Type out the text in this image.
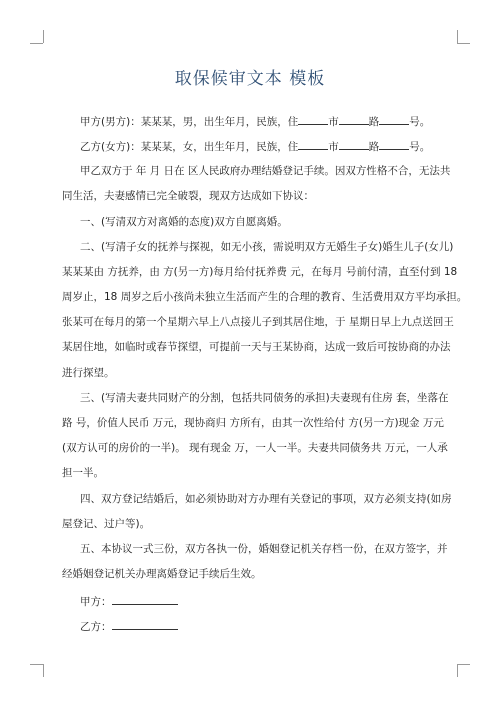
取保候审文本 模板
甲方(男方)：某某某，男，出生年月，民族，住	市	路	号。
乙方(女方)：某某某，女，出生年月，民族，住	市	路	号。
甲乙双方于 年 月 日在 区人民政府办理结婚登记手续。因双方性格不合，无法共
同生活，夫妻感情已完全破裂，现双方达成如下协议：
一、(写清双方对离婚的态度)双方自愿离婚。
二、(写清子女的抚养与探视，如无小孩，需说明双方无婚生子女)婚生儿子(女儿)
某某某由 方抚养，由 方(另一方)每月给付抚养费 元，在每月 号前付清，直至付到 18
周岁止，18 周岁之后小孩尚未独立生活而产生的合理的教育、生活费用双方平均承担。
张某可在每月的第一个星期六早上八点接儿子到其居住地，于 星期日早上九点送回王
某居住地，如临时或春节探望，可提前一天与王某协商，达成一致后可按协商的办法
进行探望。
三、(写清夫妻共同财产的分割，包括共同债务的承担)夫妻现有住房 套，坐落在
路 号，价值人民币 万元，现协商归 方所有，由其一次性给付 方(另一方)现金 万元
(双方认可的房价的一半)。 现有现金 万，一人一半。夫妻共同债务共 万元，一人承
担一半。
四、双方登记结婚后，如必须协助对方办理有关登记的事项，双方必须支持(如房
屋登记、过户等)。
五、本协议一式三份，双方各执一份，婚姻登记机关存档一份，在双方签字，并
经婚姻登记机关办理离婚登记手续后生效。
甲方：
乙方：
